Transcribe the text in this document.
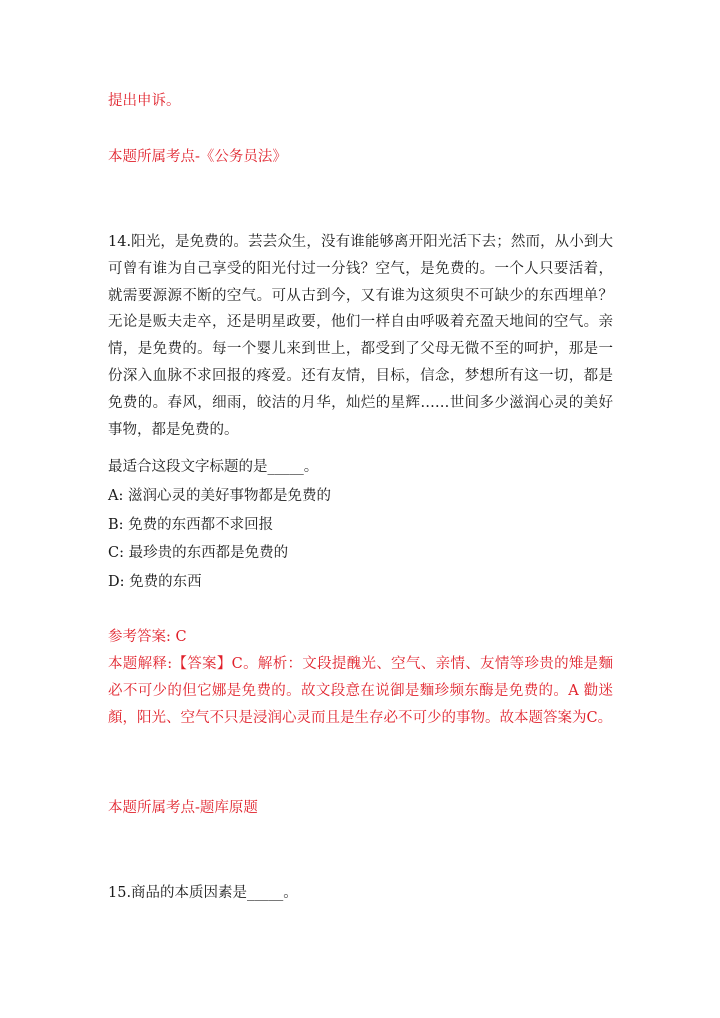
提出申诉。
本题所属考点-《公务员法》

14.阳光，是免费的。芸芸众生，没有谁能够离开阳光活下去；然而，从小到大可曾有谁为自己享受的阳光付过一分钱？空气，是免费的。一个人只要活着，就需要源源不断的空气。可从古到今，又有谁为这须臾不可缺少的东西埋单？无论是贩夫走卒，还是明星政要，他们一样自由呼吸着充盈天地间的空气。亲情，是免费的。每一个婴儿来到世上，都受到了父母无微不至的呵护，那是一份深入血脉不求回报的疼爱。还有友情，目标，信念，梦想所有这一切，都是免费的。春风，细雨，皎洁的月华，灿烂的星辉……世间多少滋润心灵的美好事物，都是免费的。

最适合这段文字标题的是_____。
A: 滋润心灵的美好事物都是免费的
B: 免费的东西都不求回报
C: 最珍贵的东西都是免费的
D: 免费的东西
参考答案: C

本题解释:【答案】C。解析：文段提醜光、空气、亲情、友情等珍贵的雉是麵必不可少的但它娜是免费的。故文段意在说御是麵珍频东酶是免费的。A 勸迷顏，阳光、空气不只是浸润心灵而且是生存必不可少的事物。故本题答案为C。

本题所属考点-题库原题
15.商品的本质因素是_____。
